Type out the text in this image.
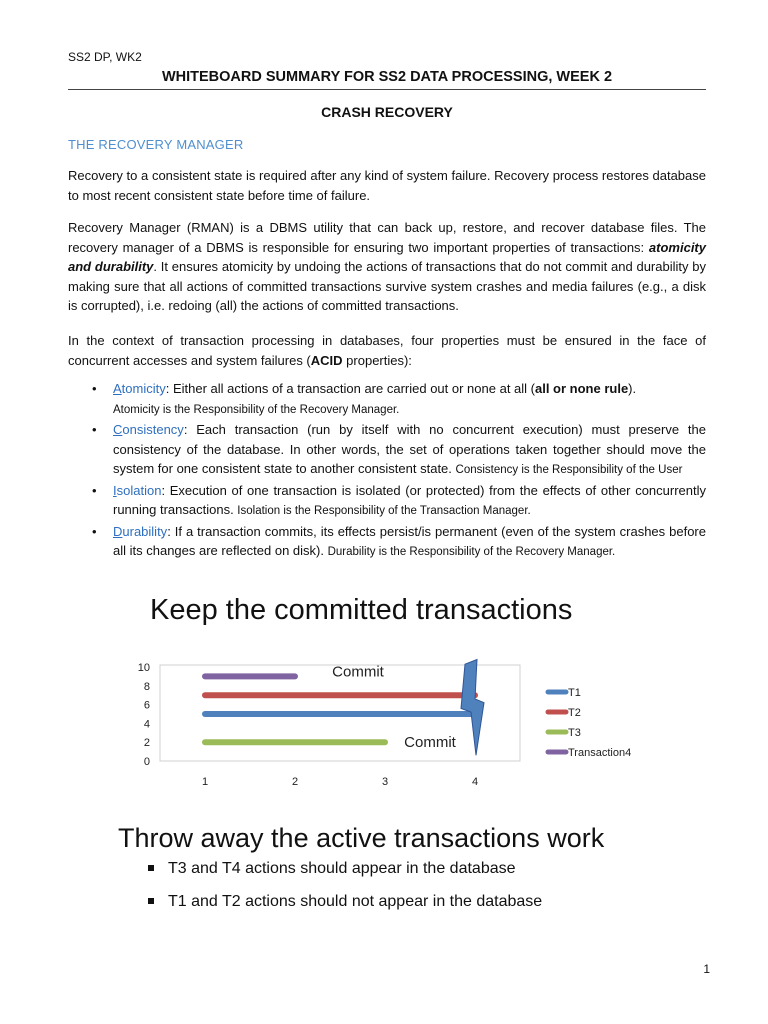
SS2 DP, WK2
WHITEBOARD SUMMARY FOR SS2 DATA PROCESSING, WEEK 2
CRASH RECOVERY
THE RECOVERY MANAGER

Recovery to a consistent state is required after any kind of system failure. Recovery process restores database to most recent consistent state before time of failure.

Recovery Manager (RMAN) is a DBMS utility that can back up, restore, and recover database files. The recovery manager of a DBMS is responsible for ensuring two important properties of transactions: atomicity and durability. It ensures atomicity by undoing the actions of transactions that do not commit and durability by making sure that all actions of committed transactions survive system crashes and media failures (e.g., a disk is corrupted), i.e. redoing (all) the actions of committed transactions.

In the context of transaction processing in databases, four properties must be ensured in the face of concurrent accesses and system failures (ACID properties):

• Atomicity: Either all actions of a transaction are carried out or none at all (all or none rule).
Atomicity is the Responsibility of the Recovery Manager.
• Consistency: Each transaction (run by itself with no concurrent execution) must preserve the consistency of the database. In other words, the set of operations taken together should move the system for one consistent state to another consistent state. Consistency is the Responsibility of the User
• Isolation: Execution of one transaction is isolated (or protected) from the effects of other concurrently running transactions. Isolation is the Responsibility of the Transaction Manager.
• Durability: If a transaction commits, its effects persist/is permanent (even of the system crashes before all its changes are reflected on disk). Durability is the Responsibility of the Recovery Manager.
Keep the committed transactions
0
2
4
6
8
10
1	2	3	4
Commit
Commit
T1
T2
T3
Transaction4
Throw away the active transactions work
T3 and T4 actions should appear in the database
T1 and T2 actions should not appear in the database
1
